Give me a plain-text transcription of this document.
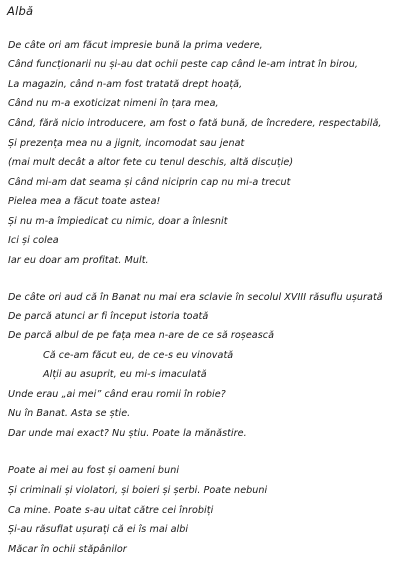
Albă
De câte ori am făcut impresie bună la prima vedere,
Când funcționarii nu și-au dat ochii peste cap când le-am intrat în birou,
La magazin, când n-am fost tratată drept hoață,
Când nu m-a exoticizat nimeni în țara mea,
Când, fără nicio introducere, am fost o fată bună, de încredere, respectabilă,
Și prezența mea nu a jignit, incomodat sau jenat
(mai mult decât a altor fete cu tenul deschis, altă discuție)
Când mi-am dat seama și când niciprin cap nu mi-a trecut
Pielea mea a făcut toate astea!
Și nu m-a împiedicat cu nimic, doar a înlesnit
Ici și colea
Iar eu doar am profitat. Mult.
De câte ori aud că în Banat nu mai era sclavie în secolul XVIII răsuflu ușurată
De parcă atunci ar fi început istoria toată
De parcă albul de pe fața mea n-are de ce să roșească
Că ce-am făcut eu, de ce-s eu vinovată
Alții au asuprit, eu mi-s imaculată
Unde erau „ai mei” când erau romii în robie?
Nu în Banat. Asta se știe.
Dar unde mai exact? Nu știu. Poate la mănăstire.
Poate ai mei au fost și oameni buni
Și criminali și violatori, și boieri și șerbi. Poate nebuni
Ca mine. Poate s-au uitat către cei înrobiți
Și-au răsuflat ușurați că ei îs mai albi
Măcar în ochii stăpânilor
